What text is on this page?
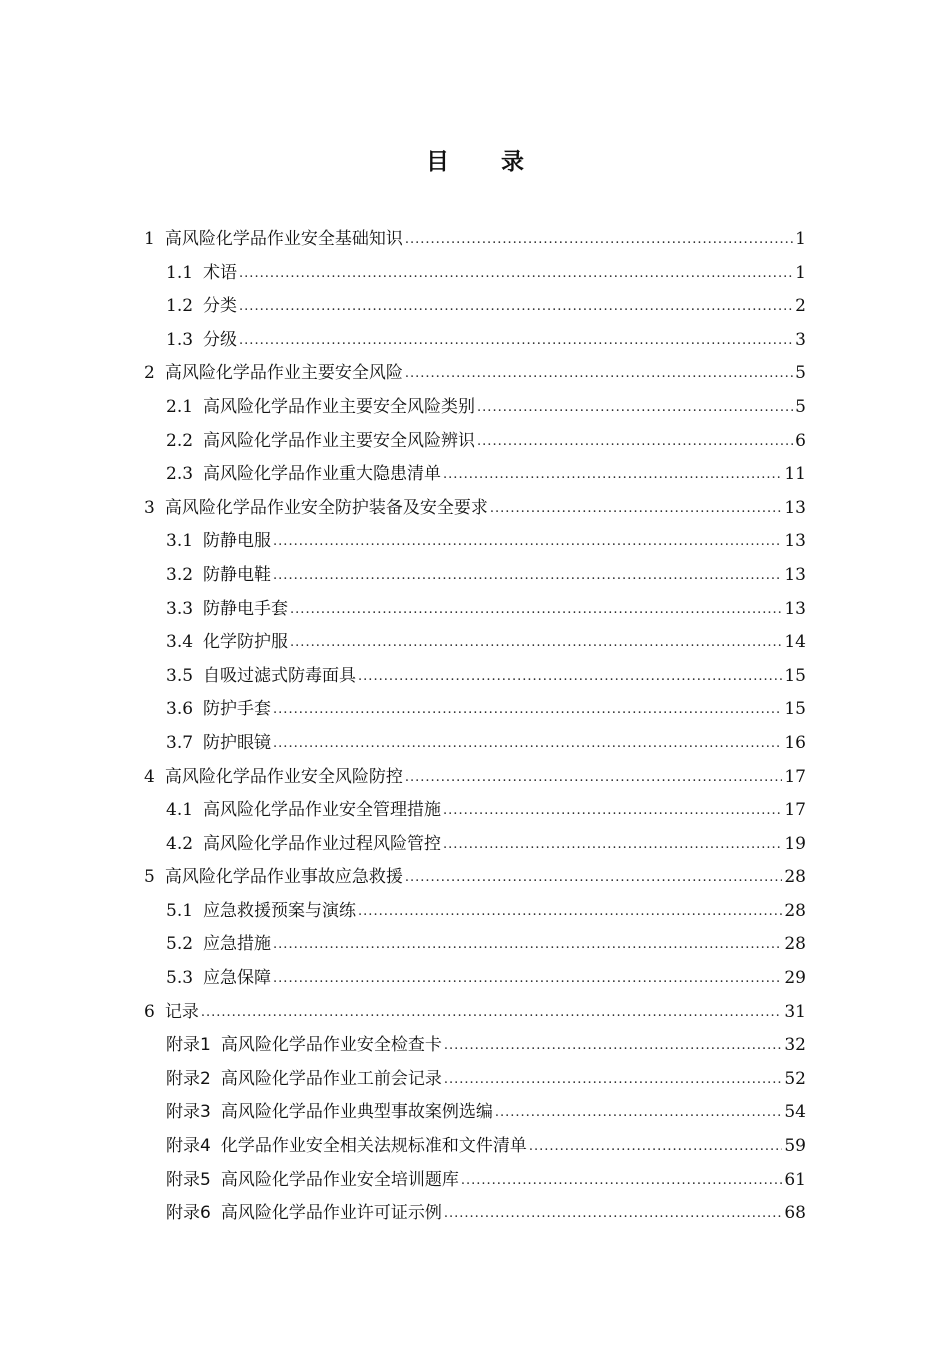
目 录
1 高风险化学品作业安全基础知识 .....	1
1.1 术语 .....	1
1.2 分类 .....	2
1.3 分级 .....	3
2 高风险化学品作业主要安全风险 .....	5
2.1 高风险化学品作业主要安全风险类别 .....	5
2.2 高风险化学品作业主要安全风险辨识 .....	6
2.3 高风险化学品作业重大隐患清单 .....	11
3 高风险化学品作业安全防护装备及安全要求 .....	13
3.1 防静电服 .....	13
3.2 防静电鞋 .....	13
3.3 防静电手套 .....	13
3.4 化学防护服 .....	14
3.5 自吸过滤式防毒面具 .....	15
3.6 防护手套 .....	15
3.7 防护眼镜 .....	16
4 高风险化学品作业安全风险防控 .....	17
4.1 高风险化学品作业安全管理措施 .....	17
4.2 高风险化学品作业过程风险管控 .....	19
5 高风险化学品作业事故应急救援 .....	28
5.1 应急救援预案与演练 .....	28
5.2 应急措施 .....	28
5.3 应急保障 .....	29
6 记录 .....	31
附录1 高风险化学品作业安全检查卡 .....	32
附录2 高风险化学品作业工前会记录 .....	52
附录3 高风险化学品作业典型事故案例选编 .....	54
附录4 化学品作业安全相关法规标准和文件清单 .....	59
附录5 高风险化学品作业安全培训题库 .....	61
附录6 高风险化学品作业许可证示例 .....	68
